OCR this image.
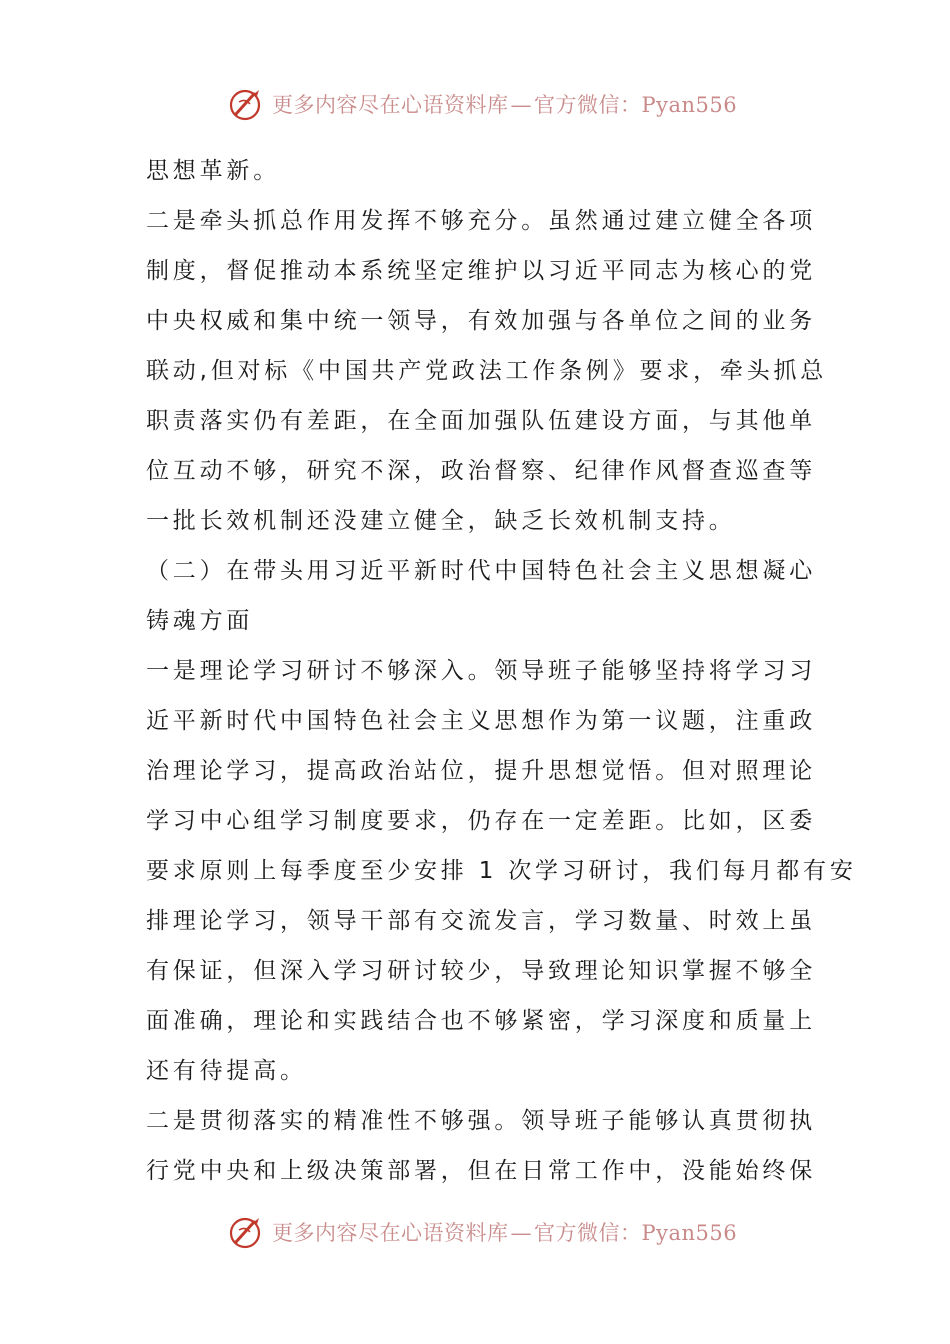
更多内容尽在心语资料库—官方微信：Pyan556
思想革新。
二是牵头抓总作用发挥不够充分。虽然通过建立健全各项
制度，督促推动本系统坚定维护以习近平同志为核心的党
中央权威和集中统一领导，有效加强与各单位之间的业务
联动,但对标《中国共产党政法工作条例》要求，牵头抓总
职责落实仍有差距，在全面加强队伍建设方面，与其他单
位互动不够，研究不深，政治督察、纪律作风督查巡查等
一批长效机制还没建立健全，缺乏长效机制支持。
（二）在带头用习近平新时代中国特色社会主义思想凝心
铸魂方面
一是理论学习研讨不够深入。领导班子能够坚持将学习习
近平新时代中国特色社会主义思想作为第一议题，注重政
治理论学习，提高政治站位，提升思想觉悟。但对照理论
学习中心组学习制度要求，仍存在一定差距。比如，区委
要求原则上每季度至少安排 1 次学习研讨，我们每月都有安
排理论学习，领导干部有交流发言，学习数量、时效上虽
有保证，但深入学习研讨较少，导致理论知识掌握不够全
面准确，理论和实践结合也不够紧密，学习深度和质量上
还有待提高。
二是贯彻落实的精准性不够强。领导班子能够认真贯彻执
行党中央和上级决策部署，但在日常工作中，没能始终保
更多内容尽在心语资料库—官方微信：Pyan556
